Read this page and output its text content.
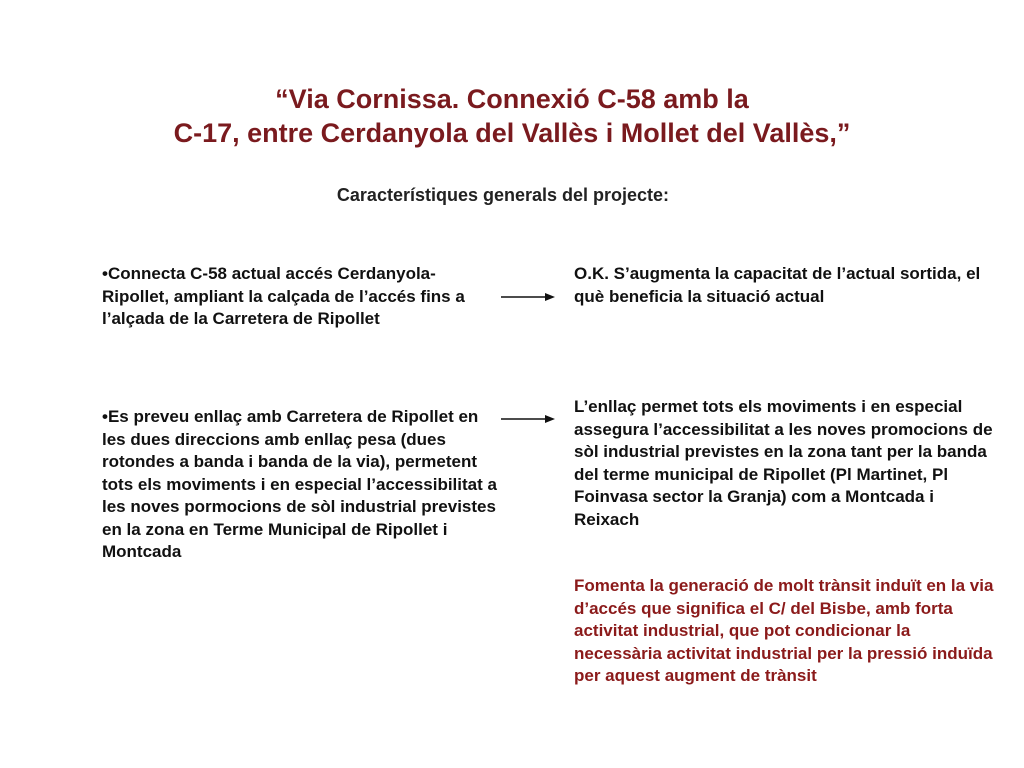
“Via Cornissa. Connexió C-58 amb la
C-17, entre Cerdanyola del Vallès i Mollet del Vallès,”
Característiques generals del projecte:
•Connecta C-58 actual accés Cerdanyola-Ripollet, ampliant la calçada de l’accés fins a l’alçada de la Carretera de Ripollet
O.K. S’augmenta la capacitat de l’actual sortida, el què beneficia la situació actual
•Es preveu enllaç amb Carretera de Ripollet en les dues direccions amb enllaç pesa (dues rotondes a banda i banda de la via), permetent tots els moviments i en especial l’accessibilitat a les noves pormocions de sòl industrial previstes en la zona en Terme Municipal de Ripollet i Montcada
L’enllaç permet tots els moviments i en especial assegura l’accessibilitat a les noves promocions de sòl industrial previstes en la zona tant per la banda del terme municipal de Ripollet (Pl Martinet, Pl Foinvasa sector la Granja) com a Montcada i Reixach
Fomenta la generació de molt trànsit induït en la via d’accés que significa el C/ del Bisbe, amb forta activitat industrial, que pot condicionar la necessària activitat industrial per la pressió induïda per aquest augment de trànsit
